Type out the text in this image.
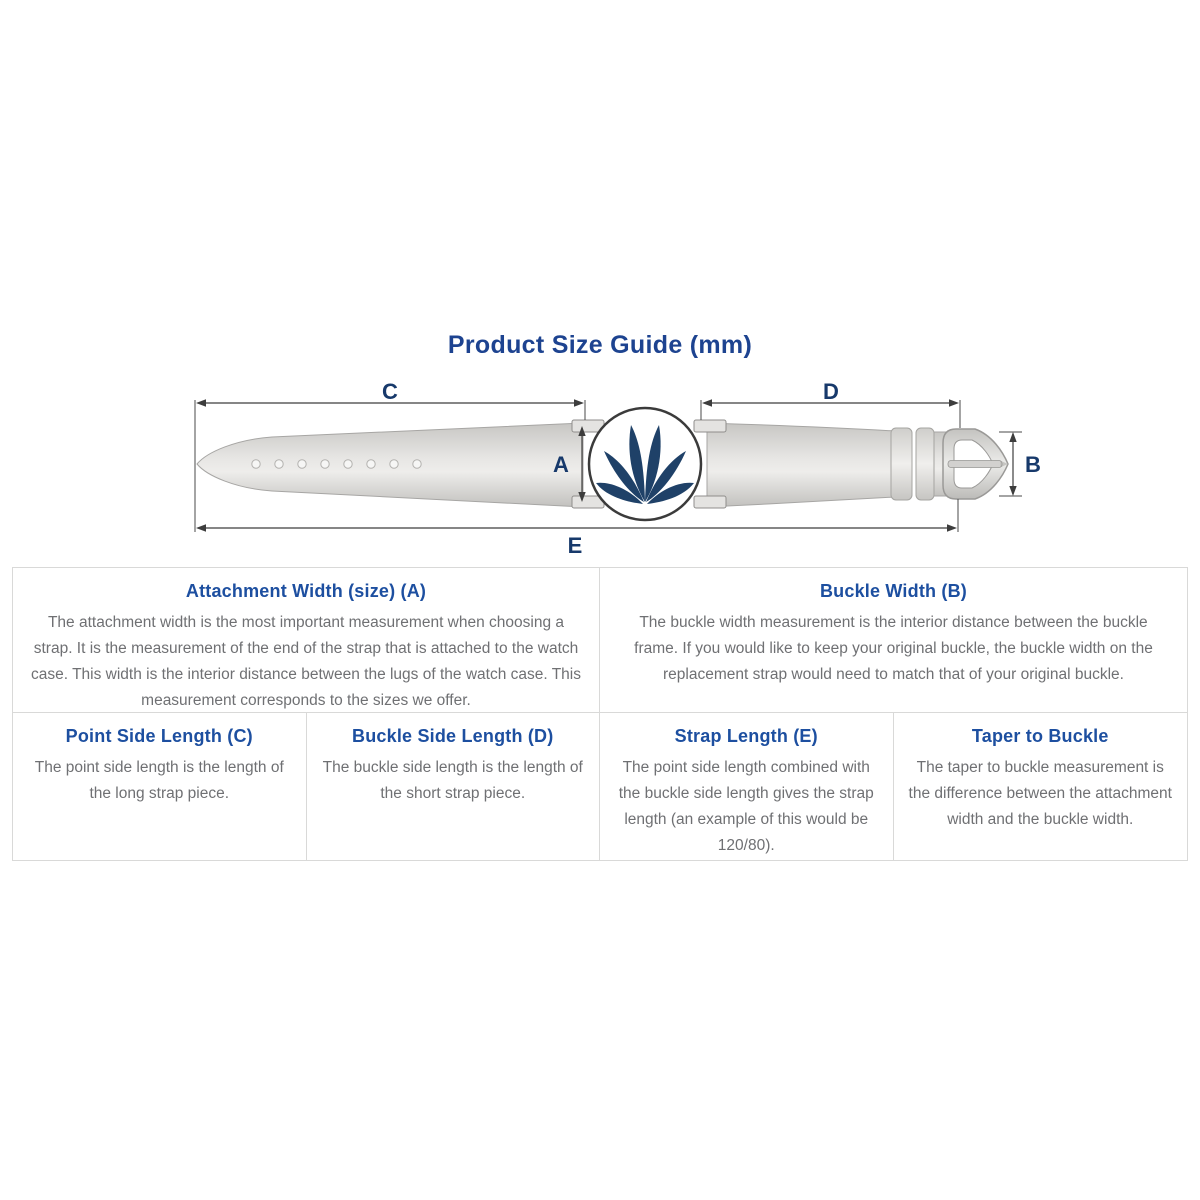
Product Size Guide (mm)
C	D
A	B
E
Attachment Width (size) (A)

The attachment width is the most important measurement when choosing a strap. It is the measurement of the end of the strap that is attached to the watch case. This width is the interior distance between the lugs of the watch case. This measurement corresponds to the sizes we offer.

Buckle Width (B)

The buckle width measurement is the interior distance between the buckle frame. If you would like to keep your original buckle, the buckle width on the replacement strap would need to match that of your original buckle.

Point Side Length (C)

The point side length is the length of the long strap piece.

Buckle Side Length (D)

The buckle side length is the length of the short strap piece.

Strap Length (E)

The point side length combined with the buckle side length gives the strap length (an example of this would be 120/80).

Taper to Buckle

The taper to buckle measurement is the difference between the attachment width and the buckle width.
